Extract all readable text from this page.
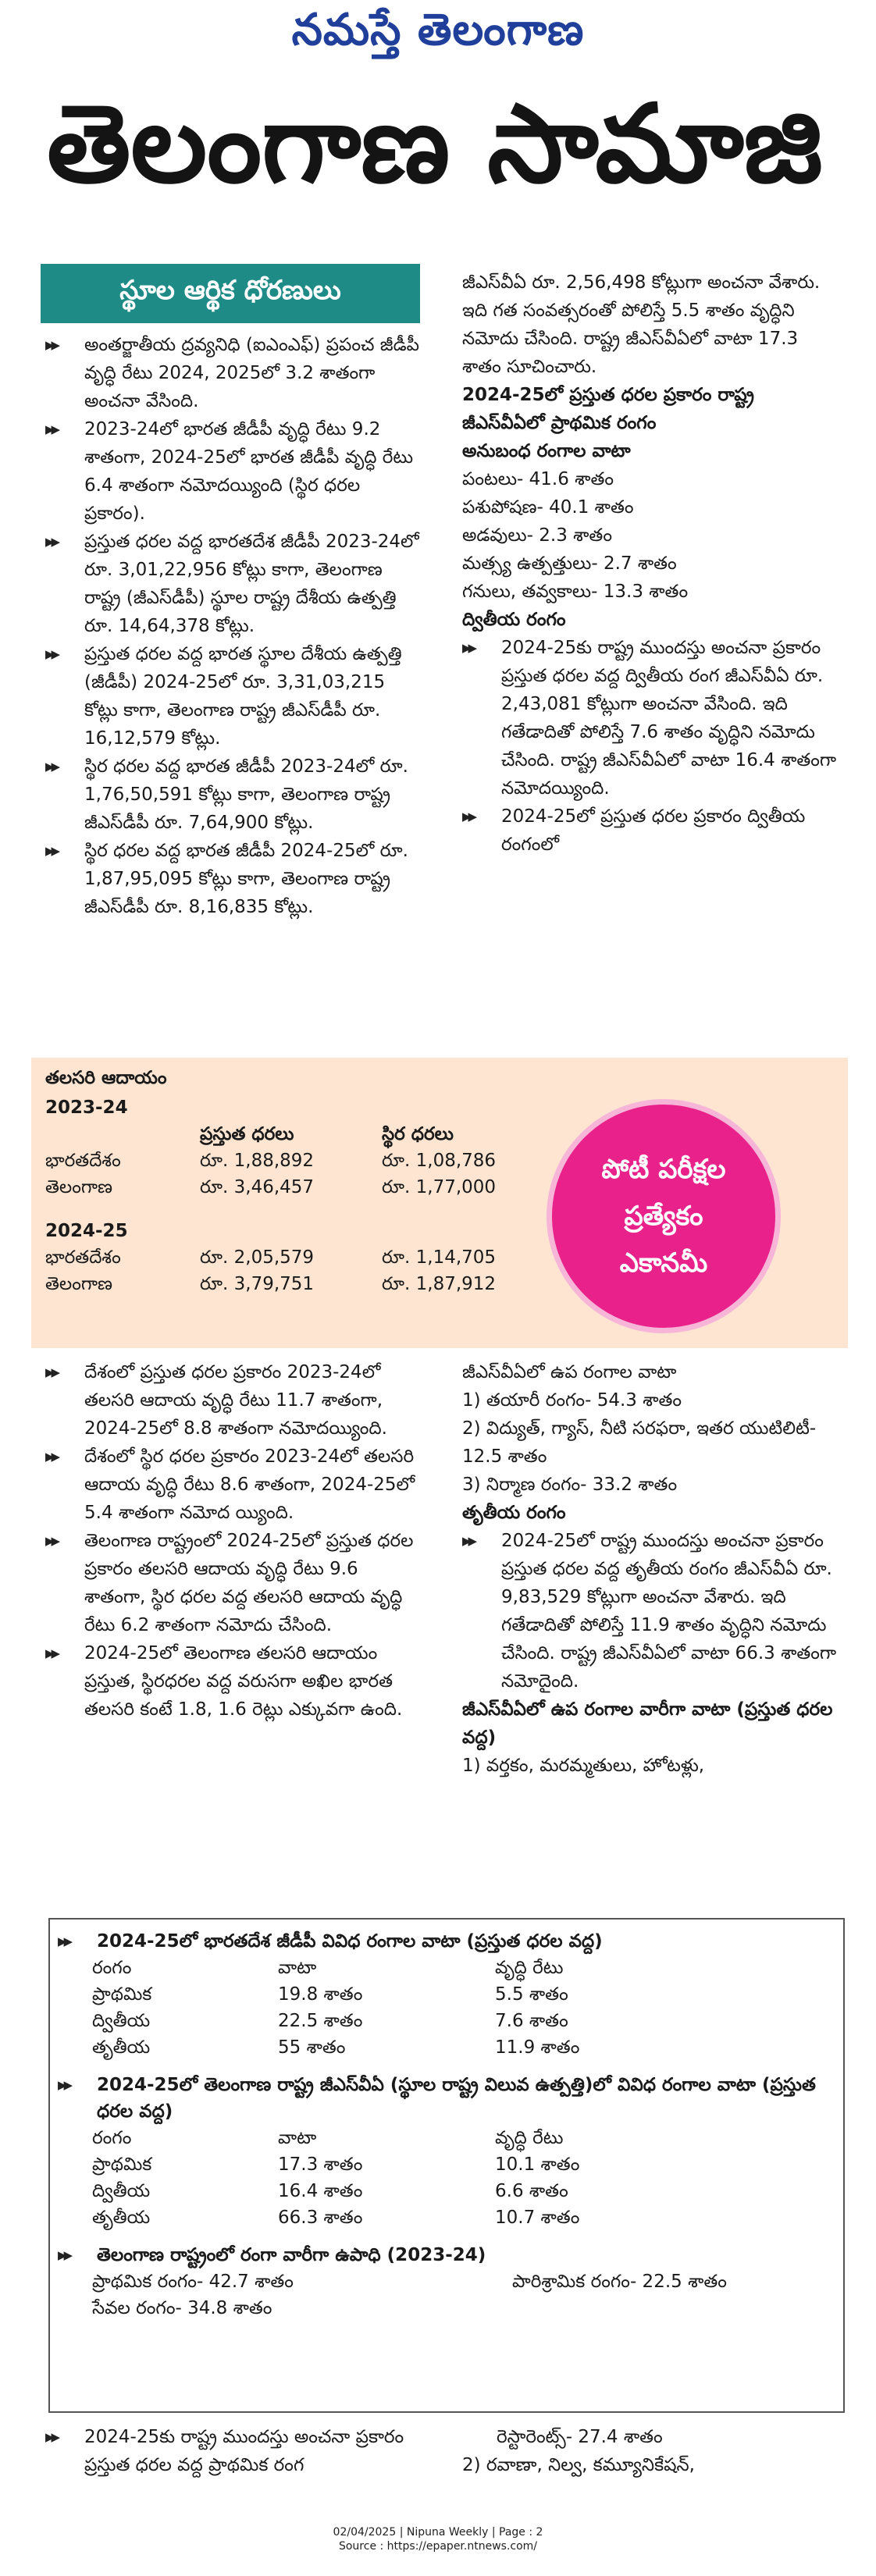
నమస్తే తెలంగాణ
తెలంగాణ సామాజి
స్థూల ఆర్థిక ధోరణులు

▶▶ అంతర్జాతీయ ద్రవ్యనిధి (ఐఎంఎఫ్) ప్రపంచ జీడీపీ వృద్ధి రేటు 2024, 2025లో 3.2 శాతంగా అంచనా వేసింది.

▶▶ 2023-24లో భారత జీడీపీ వృద్ధి రేటు 9.2 శాతంగా, 2024-25లో భారత జీడీపీ వృద్ధి రేటు 6.4 శాతంగా నమోదయ్యింది (స్థిర ధరల ప్రకారం).

▶▶ ప్రస్తుత ధరల వద్ద భారతదేశ జీడీపీ 2023-24లో రూ. 3,01,22,956 కోట్లు కాగా, తెలంగాణ రాష్ట్ర (జీఎస్‌డీపీ) స్థూల రాష్ట్ర దేశీయ ఉత్పత్తి రూ. 14,64,378 కోట్లు.

▶▶ ప్రస్తుత ధరల వద్ద భారత స్థూల దేశీయ ఉత్పత్తి (జీడీపీ) 2024-25లో రూ. 3,31,03,215 కోట్లు కాగా, తెలంగాణ రాష్ట్ర జీఎస్‌డీపీ రూ. 16,12,579 కోట్లు.

▶▶ స్థిర ధరల వద్ద భారత జీడీపీ 2023-24లో రూ. 1,76,50,591 కోట్లు కాగా, తెలంగాణ రాష్ట్ర జీఎస్‌డీపీ రూ. 7,64,900 కోట్లు.

▶▶ స్థిర ధరల వద్ద భారత జీడీపీ 2024-25లో రూ. 1,87,95,095 కోట్లు కాగా, తెలంగాణ రాష్ట్ర జీఎస్‌డీపీ రూ. 8,16,835 కోట్లు.

జీఎస్‌వీఏ రూ. 2,56,498 కోట్లుగా అంచనా వేశారు. ఇది గత సంవత్సరంతో పోలిస్తే 5.5 శాతం వృద్ధిని నమోదు చేసింది. రాష్ట్ర జీఎస్‌వీఏలో వాటా 17.3 శాతం సూచించారు.

2024-25లో ప్రస్తుత ధరల ప్రకారం రాష్ట్ర జీఎస్‌వీఏలో ప్రాథమిక రంగం

అనుబంధ రంగాల వాటా

పంటలు- 41.6 శాతం

పశుపోషణ- 40.1 శాతం

అడవులు- 2.3 శాతం

మత్స్య ఉత్పత్తులు- 2.7 శాతం

గనులు, తవ్వకాలు- 13.3 శాతం

ద్వితీయ రంగం

▶▶ 2024-25కు రాష్ట్ర ముందస్తు అంచనా ప్రకారం ప్రస్తుత ధరల వద్ద ద్వితీయ రంగ జీఎస్‌వీఏ రూ. 2,43,081 కోట్లుగా అంచనా వేసింది. ఇది గతేడాదితో పోలిస్తే 7.6 శాతం వృద్ధిని నమోదు చేసింది. రాష్ట్ర జీఎస్‌వీఏలో వాటా 16.4 శాతంగా నమోదయ్యింది.

▶▶ 2024-25లో ప్రస్తుత ధరల ప్రకారం ద్వితీయ రంగంలో

తలసరి ఆదాయం
2023-24
	ప్రస్తుత ధరలు	స్థిర ధరలు
భారతదేశం	రూ. 1,88,892	రూ. 1,08,786
తెలంగాణ	రూ. 3,46,457	రూ. 1,77,000
2024-25
భారతదేశం	రూ. 2,05,579	రూ. 1,14,705
తెలంగాణ	రూ. 3,79,751	రూ. 1,87,912
పోటీ పరీక్షల
ప్రత్యేకం
ఎకానమీ

▶▶ దేశంలో ప్రస్తుత ధరల ప్రకారం 2023-24లో తలసరి ఆదాయ వృద్ధి రేటు 11.7 శాతంగా, 2024-25లో 8.8 శాతంగా నమోదయ్యింది.

▶▶ దేశంలో స్థిర ధరల ప్రకారం 2023-24లో తలసరి ఆదాయ వృద్ధి రేటు 8.6 శాతంగా, 2024-25లో 5.4 శాతంగా నమోద య్యింది.

▶▶ తెలంగాణ రాష్ట్రంలో 2024-25లో ప్రస్తుత ధరల ప్రకారం తలసరి ఆదాయ వృద్ధి రేటు 9.6 శాతంగా, స్థిర ధరల వద్ద తలసరి ఆదాయ వృద్ధి రేటు 6.2 శాతంగా నమోదు చేసింది.

▶▶ 2024-25లో తెలంగాణ తలసరి ఆదాయం ప్రస్తుత, స్థిరధరల వద్ద వరుసగా అఖిల భారత తలసరి కంటే 1.8, 1.6 రెట్లు ఎక్కువగా ఉంది.

జీఎస్‌వీఏలో ఉప రంగాల వాటా

1) తయారీ రంగం- 54.3 శాతం

2) విద్యుత్, గ్యాస్, నీటి సరఫరా, ఇతర యుటిలిటీ- 12.5 శాతం

3) నిర్మాణ రంగం- 33.2 శాతం

తృతీయ రంగం

▶▶ 2024-25లో రాష్ట్ర ముందస్తు అంచనా ప్రకారం ప్రస్తుత ధరల వద్ద తృతీయ రంగం జీఎస్‌వీఏ రూ. 9,83,529 కోట్లుగా అంచనా వేశారు. ఇది గతేడాదితో పోలిస్తే 11.9 శాతం వృద్ధిని నమోదు చేసింది. రాష్ట్ర జీఎస్‌వీఏలో వాటా 66.3 శాతంగా నమోదైంది.

జీఎస్‌వీఏలో ఉప రంగాల వారీగా వాటా (ప్రస్తుత ధరల వద్ద)

1) వర్తకం, మరమ్మతులు, హోటళ్లు,

▶▶ 2024-25లో భారతదేశ జీడీపీ వివిధ రంగాల వాటా (ప్రస్తుత ధరల వద్ద)
రంగం	వాటా	వృద్ధి రేటు
ప్రాథమిక	19.8 శాతం	5.5 శాతం
ద్వితీయ	22.5 శాతం	7.6 శాతం
తృతీయ	55 శాతం	11.9 శాతం
▶▶ 2024-25లో తెలంగాణ రాష్ట్ర జీఎస్‌వీఏ (స్థూల రాష్ట్ర విలువ ఉత్పత్తి)లో వివిధ రంగాల వాటా (ప్రస్తుత ధరల వద్ద)
రంగం	వాటా	వృద్ధి రేటు
ప్రాథమిక	17.3 శాతం	10.1 శాతం
ద్వితీయ	16.4 శాతం	6.6 శాతం
తృతీయ	66.3 శాతం	10.7 శాతం
▶▶ తెలంగాణ రాష్ట్రంలో రంగా వారీగా ఉపాధి (2023-24)
ప్రాథమిక రంగం- 42.7 శాతం	పారిశ్రామిక రంగం- 22.5 శాతం
సేవల రంగం- 34.8 శాతం	

▶▶ 2024-25కు రాష్ట్ర ముందస్తు అంచనా ప్రకారం ప్రస్తుత ధరల వద్ద ప్రాథమిక రంగ

రెస్టారెంట్స్- 27.4 శాతం

2) రవాణా, నిల్వ, కమ్యూనికేషన్,

02/04/2025 | Nipuna Weekly | Page : 2
Source : https://epaper.ntnews.com/
